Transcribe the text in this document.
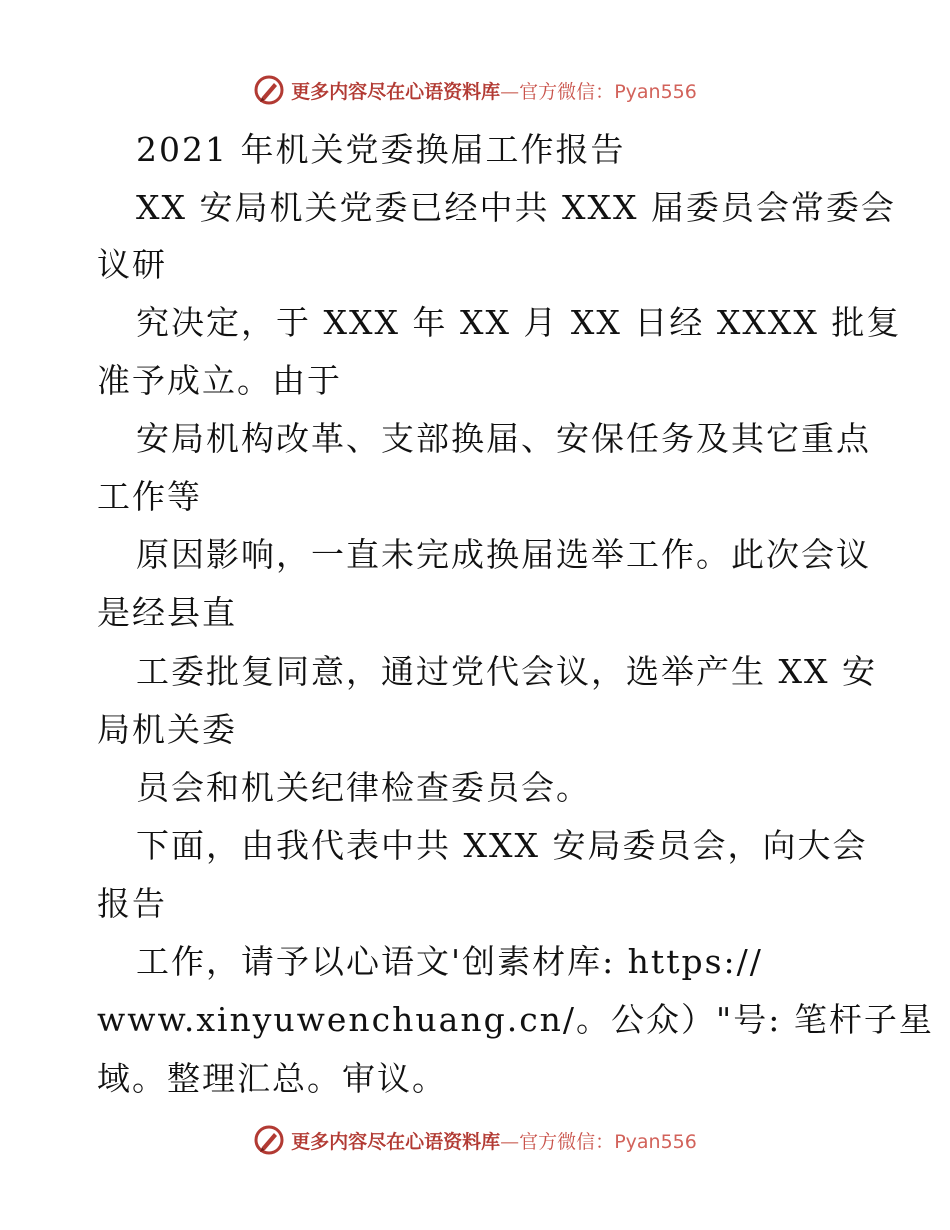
更多内容尽在心语资料库—官方微信：Pyan556
2021 年机关党委换届工作报告
XX 安局机关党委已经中共 XXX 届委员会常委会
议研
究决定，于 XXX 年 XX 月 XX 日经 XXXX 批复
准予成立。由于
安局机构改革、支部换届、安保任务及其它重点
工作等
原因影响，一直未完成换届选举工作。此次会议
是经县直
工委批复同意，通过党代会议，选举产生 XX 安
局机关委
员会和机关纪律检查委员会。
下面，由我代表中共 XXX 安局委员会，向大会
报告
工作，请予以心语文'创素材库: https://
www.xinyuwenchuang.cn/。公众）"号: 笔杆子星
域。整理汇总。审议。
更多内容尽在心语资料库—官方微信：Pyan556
